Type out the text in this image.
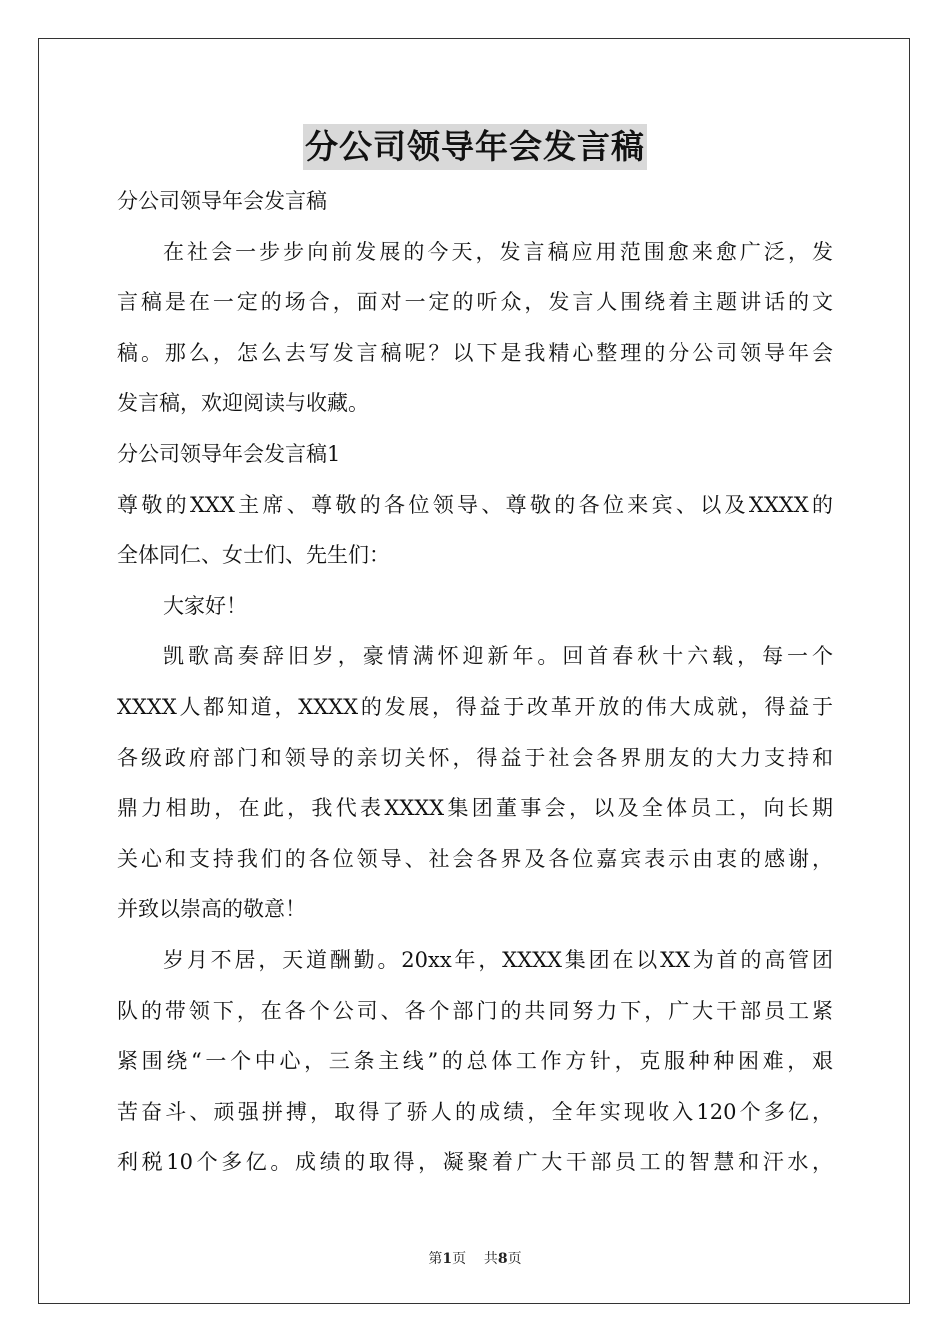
分公司领导年会发言稿

分公司领导年会发言稿

在社会一步步向前发展的今天，发言稿应用范围愈来愈广泛，发

言稿是在一定的场合，面对一定的听众，发言人围绕着主题讲话的文

稿。那么，怎么去写发言稿呢？以下是我精心整理的分公司领导年会

发言稿，欢迎阅读与收藏。

分公司领导年会发言稿1

尊敬的XXX主席、尊敬的各位领导、尊敬的各位来宾、以及XXXX的

全体同仁、女士们、先生们：

大家好！

凯歌高奏辞旧岁，豪情满怀迎新年。回首春秋十六载，每一个

XXXX人都知道，XXXX的发展，得益于改革开放的伟大成就，得益于

各级政府部门和领导的亲切关怀，得益于社会各界朋友的大力支持和

鼎力相助，在此，我代表XXXX集团董事会，以及全体员工，向长期

关心和支持我们的各位领导、社会各界及各位嘉宾表示由衷的感谢，

并致以崇高的敬意！

岁月不居，天道酬勤。20xx年，XXXX集团在以XX为首的高管团

队的带领下，在各个公司、各个部门的共同努力下，广大干部员工紧

紧围绕“一个中心，三条主线”的总体工作方针，克服种种困难，艰

苦奋斗、顽强拼搏，取得了骄人的成绩，全年实现收入120个多亿，

利税10个多亿。成绩的取得，凝聚着广大干部员工的智慧和汗水，

第1页 共8页
